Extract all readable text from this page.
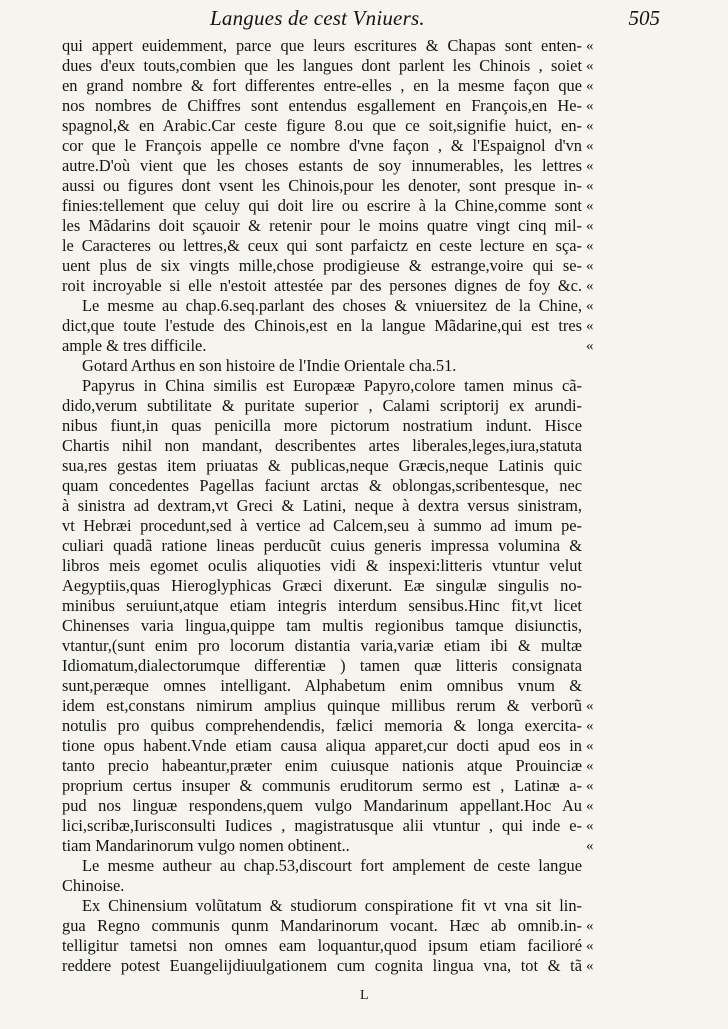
Langues de cest Vniuers.	505
qui appert euidemment, parce que leurs escritures & Chapas sont enten-
dues d'eux touts,combien que les langues dont parlent les Chinois , soiet
en grand nombre & fort differentes entre-elles , en la mesme façon que
nos nombres de Chiffres sont entendus esgallement en François,en He-
spagnol,& en Arabic.Car ceste figure 8.ou que ce soit,signifie huict, en-
cor que le François appelle ce nombre d'vne façon , & l'Espaignol d'vn
autre.D'où vient que les choses estants de soy innumerables, les lettres
aussi ou figures dont vsent les Chinois,pour les denoter, sont presque in-
finies:tellement que celuy qui doit lire ou escrire à la Chine,comme sont
les Mãdarins doit sçauoir & retenir pour le moins quatre vingt cinq mil-
le Caracteres ou lettres,& ceux qui sont parfaictz en ceste lecture en sça-
uent plus de six vingts mille,chose prodigieuse & estrange,voire qui se-
roit incroyable si elle n'estoit attestée par des persones dignes de foy &c.
Le mesme au chap.6.seq.parlant des choses & vniuersitez de la Chine,
dict,que toute l'estude des Chinois,est en la langue Mãdarine,qui est tres
ample & tres difficile.
Gotard Arthus en son histoire de l'Indie Orientale cha.51.
Papyrus in China similis est Europææ Papyro,colore tamen minus cã-
dido,verum subtilitate & puritate superior , Calami scriptorij ex arundi-
nibus fiunt,in quas penicilla more pictorum nostratium indunt. Hisce
Chartis nihil non mandant, describentes artes liberales,leges,iura,statuta
sua,res gestas item priuatas & publicas,neque Græcis,neque Latinis quic
quam concedentes Pagellas faciunt arctas & oblongas,scribentesque, nec
à sinistra ad dextram,vt Greci & Latini, neque à dextra versus sinistram,
vt Hebræi procedunt,sed à vertice ad Calcem,seu à summo ad imum pe-
culiari quadã ratione lineas perducũt cuius generis impressa volumina &
libros meis egomet oculis aliquoties vidi & inspexi:litteris vtuntur velut
Aegyptiis,quas Hieroglyphicas Græci dixerunt. Eæ singulæ singulis no-
minibus seruiunt,atque etiam integris interdum sensibus.Hinc fit,vt licet
Chinenses varia lingua,quippe tam multis regionibus tamque disiunctis,
vtantur,(sunt enim pro locorum distantia varia,variæ etiam ibi & multæ
Idiomatum,dialectorumque differentiæ ) tamen quæ litteris consignata
sunt,peræque omnes intelligant. Alphabetum enim omnibus vnum &
idem est,constans nimirum amplius quinque millibus rerum & verborũ
notulis pro quibus comprehendendis, fælici memoria & longa exercita-
tione opus habent.Vnde etiam causa aliqua apparet,cur docti apud eos in
tanto precio habeantur,præter enim cuiusque nationis atque Prouinciæ
proprium certus insuper & communis eruditorum sermo est , Latinæ a-
pud nos linguæ respondens,quem vulgo Mandarinum appellant.Hoc Au
lici,scribæ,Iurisconsulti Iudices , magistratusque alii vtuntur , qui inde e-
tiam Mandarinorum vulgo nomen obtinent..
Le mesme autheur au chap.53,discourt fort amplement de ceste langue
Chinoise.
Ex Chinensium volũtatum & studiorum conspiratione fit vt vna sit lin-
gua Regno communis qunm Mandarinorum vocant. Hæc ab omnib.in-
telligitur tametsi non omnes eam loquantur,quod ipsum etiam facilioré
reddere potest Euangelijdiuulgationem cum cognita lingua vna, tot & tã
«
«
«
«
«
«
«
«
«
«
«
«
«
«
«
«
«
«
«
«
«
«
«
«
«
«
«
L
